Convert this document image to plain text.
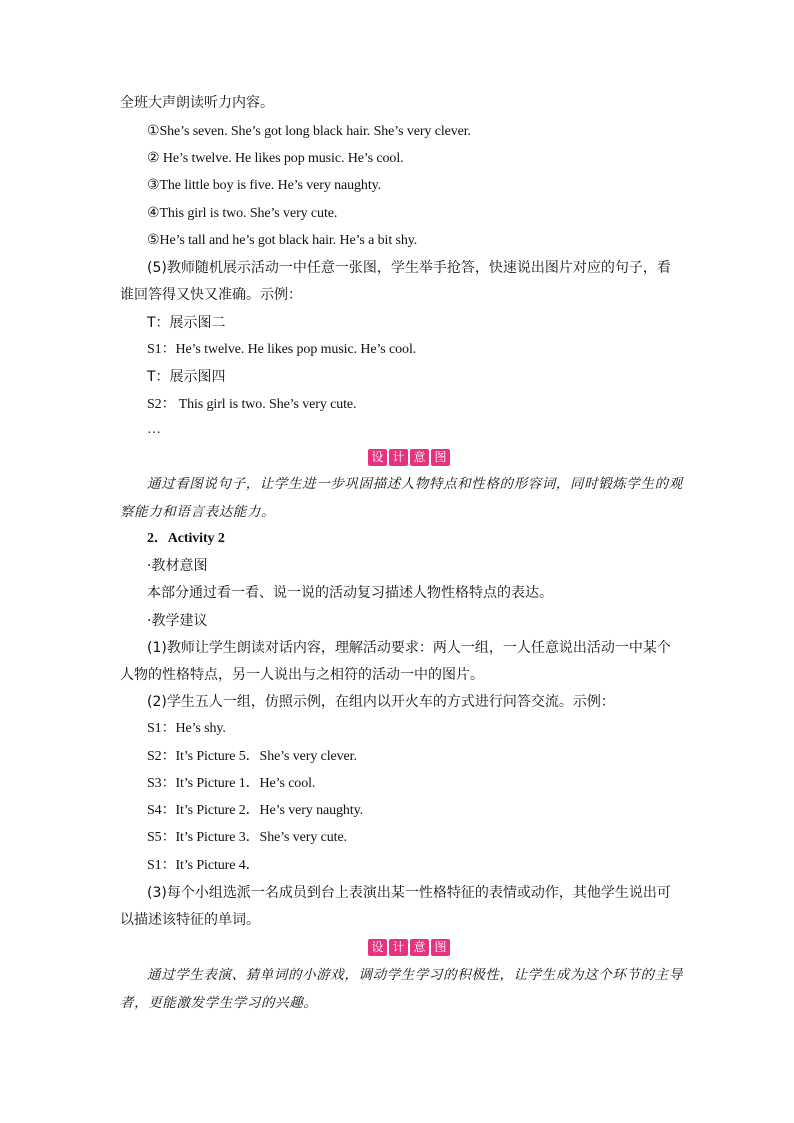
全班大声朗读听力内容。
①She’s seven. She’s got long black hair. She’s very clever.
② He’s twelve. He likes pop music. He’s cool.
③The little boy is five. He’s very naughty.
④This girl is two. She’s very cute.
⑤He’s tall and he’s got black hair. He’s a bit shy.
(5)教师随机展示活动一中任意一张图，学生举手抢答，快速说出图片对应的句子，看
谁回答得又快又准确。示例：
T：展示图二
S1：He’s twelve. He likes pop music. He’s cool.
T：展示图四
S2： This girl is two. She’s very cute.
…
设 计 意 图
通过看图说句子，让学生进一步巩固描述人物特点和性格的形容词，同时锻炼学生的观
察能力和语言表达能力。
2．Activity 2
·教材意图
本部分通过看一看、说一说的活动复习描述人物性格特点的表达。
·教学建议
(1)教师让学生朗读对话内容，理解活动要求：两人一组，一人任意说出活动一中某个
人物的性格特点，另一人说出与之相符的活动一中的图片。
(2)学生五人一组，仿照示例，在组内以开火车的方式进行问答交流。示例：
S1：He’s shy.
S2：It’s Picture 5．She’s very clever.
S3：It’s Picture 1．He’s cool.
S4：It’s Picture 2．He’s very naughty.
S5：It’s Picture 3．She’s very cute.
S1：It’s Picture 4．
(3)每个小组选派一名成员到台上表演出某一性格特征的表情或动作，其他学生说出可
以描述该特征的单词。
设 计 意 图
通过学生表演、猜单词的小游戏，调动学生学习的积极性，让学生成为这个环节的主导
者，更能激发学生学习的兴趣。
